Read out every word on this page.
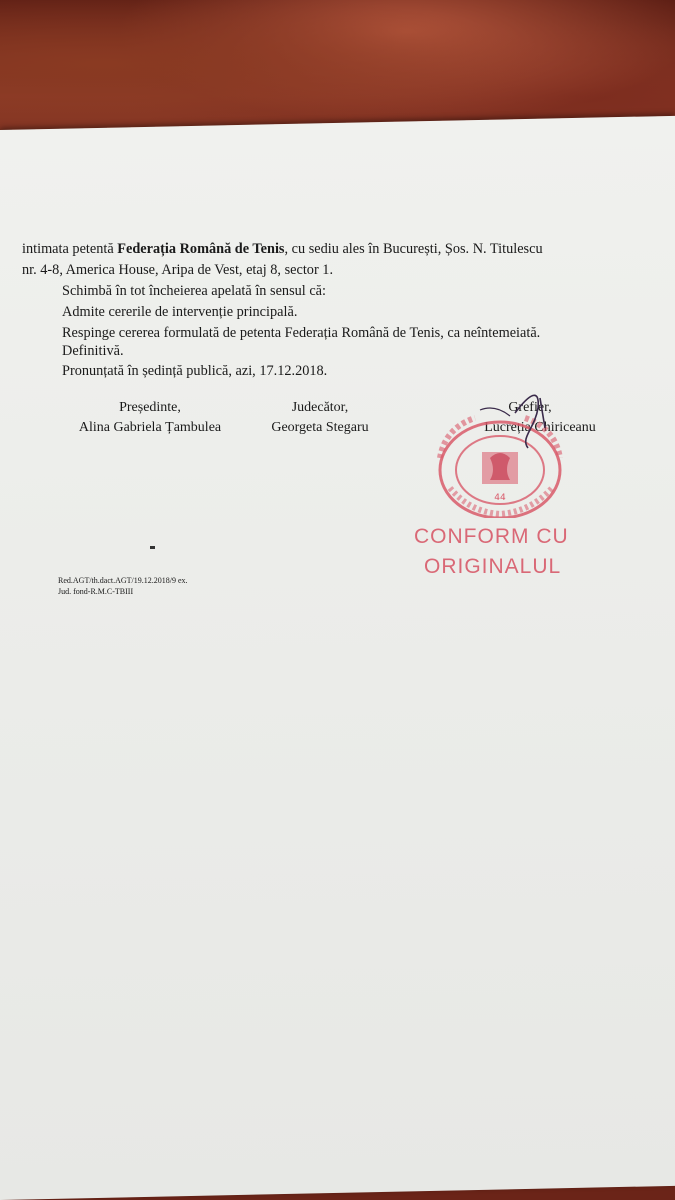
intimata petentă Federația Română de Tenis, cu sediu ales în București, Șos. N. Titulescu
nr. 4-8, America House, Aripa de Vest, etaj 8, sector 1.
Schimbă în tot încheierea apelată în sensul că:
Admite cererile de intervenție principală.
Respinge cererea formulată de petenta Federația Română de Tenis, ca neîntemeiată.
Definitivă.
Pronunțată în ședință publică, azi, 17.12.2018.
Președinte,
Alina Gabriela Țambulea
Judecător,
Georgeta Stegaru
Grefier,
Lucreția Chiriceanu
44
CONFORM CU
ORIGINALUL
Red.AGT/th.dact.AGT/19.12.2018/9 ex.
Jud. fond-R.M.C-TBIII
